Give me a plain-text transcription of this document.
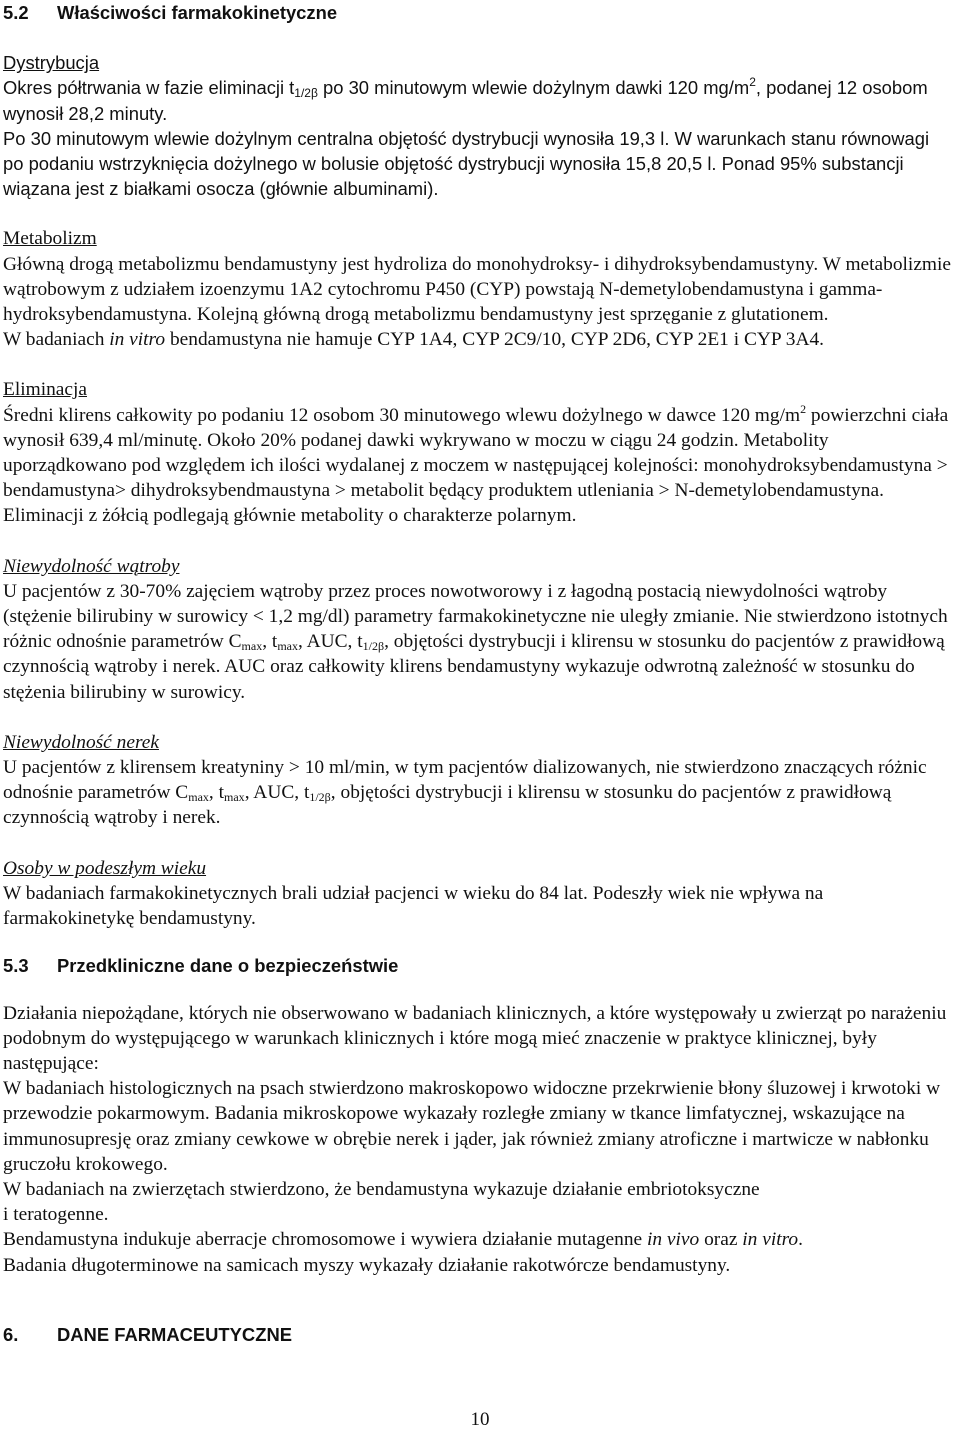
5.2 Właściwości farmakokinetyczne

Dystrybucja

Okres półtrwania w fazie eliminacji $t_{1/2\beta}$ po 30 minutowym wlewie dożylnym dawki 120 $mg/m^2$, podanej 12 osobom wynosił 28,2 minuty.

Po 30 minutowym wlewie dożylnym centralna objętość dystrybucji wynosiła 19,3 l. W warunkach stanu równowagi po podaniu wstrzyknięcia dożylnego w bolusie objętość dystrybucji wynosiła 15,8 20,5 l. Ponad 95% substancji wiązana jest z białkami osocza (głównie albuminami).

Metabolizm

Główną drogą metabolizmu bendamustyny jest hydroliza do monohydroksy- i dihydroksybendamustyny. W metabolizmie wątrobowym z udziałem izoenzymu 1A2 cytochromu P450 (CYP) powstają N-demetylobendamustyna i gamma-hydroksybendamustyna. Kolejną główną drogą metabolizmu bendamustyny jest sprzęganie z glutationem.

W badaniach in vitro bendamustyna nie hamuje CYP 1A4, CYP 2C9/10, CYP 2D6, CYP 2E1 i CYP 3A4.

Eliminacja

Średni klirens całkowity po podaniu 12 osobom 30 minutowego wlewu dożylnego w dawce 120 $mg/m^2$ powierzchni ciała wynosił 639,4 ml/minutę. Około 20% podanej dawki wykrywano w moczu w ciągu 24 godzin. Metabolity uporządkowano pod względem ich ilości wydalanej z moczem w następującej kolejności: monohydroksybendamustyna > bendamustyna> dihydroksybendmaustyna > metabolit będący produktem utleniania > N-demetylobendamustyna. Eliminacji z żółcią podlegają głównie metabolity o charakterze polarnym.

Niewydolność wątroby

U pacjentów z 30-70% zajęciem wątroby przez proces nowotworowy i z łagodną postacią niewydolności wątroby (stężenie bilirubiny w surowicy < 1,2 mg/dl) parametry farmakokinetyczne nie uległy zmianie. Nie stwierdzono istotnych różnic odnośnie parametrów $C_{max}$, $t_{max}$, AUC, $t_{1/2\beta}$, objętości dystrybucji i klirensu w stosunku do pacjentów z prawidłową czynnością wątroby i nerek. AUC oraz całkowity klirens bendamustyny wykazuje odwrotną zależność w stosunku do stężenia bilirubiny w surowicy.

Niewydolność nerek

U pacjentów z klirensem kreatyniny > 10 ml/min, w tym pacjentów dializowanych, nie stwierdzono znaczących różnic odnośnie parametrów $C_{max}$, $t_{max}$, AUC, $t_{1/2\beta}$, objętości dystrybucji i klirensu w stosunku do pacjentów z prawidłową czynnością wątroby i nerek.

Osoby w podeszłym wieku

W badaniach farmakokinetycznych brali udział pacjenci w wieku do 84 lat. Podeszły wiek nie wpływa na farmakokinetykę bendamustyny.

5.3 Przedkliniczne dane o bezpieczeństwie

Działania niepożądane, których nie obserwowano w badaniach klinicznych, a które występowały u zwierząt po narażeniu podobnym do występującego w warunkach klinicznych i które mogą mieć znaczenie w praktyce klinicznej, były następujące:

W badaniach histologicznych na psach stwierdzono makroskopowo widoczne przekrwienie błony śluzowej i krwotoki w przewodzie pokarmowym. Badania mikroskopowe wykazały rozległe zmiany w tkance limfatycznej, wskazujące na immunosupresję oraz zmiany cewkowe w obrębie nerek i jąder, jak również zmiany atroficzne i martwicze w nabłonku gruczołu krokowego.

W badaniach na zwierzętach stwierdzono, że bendamustyna wykazuje działanie embriotoksyczne
i teratogenne.

Bendamustyna indukuje aberracje chromosomowe i wywiera działanie mutagenne in vivo oraz in vitro.

Badania długoterminowe na samicach myszy wykazały działanie rakotwórcze bendamustyny.

6. DANE FARMACEUTYCZNE

10
